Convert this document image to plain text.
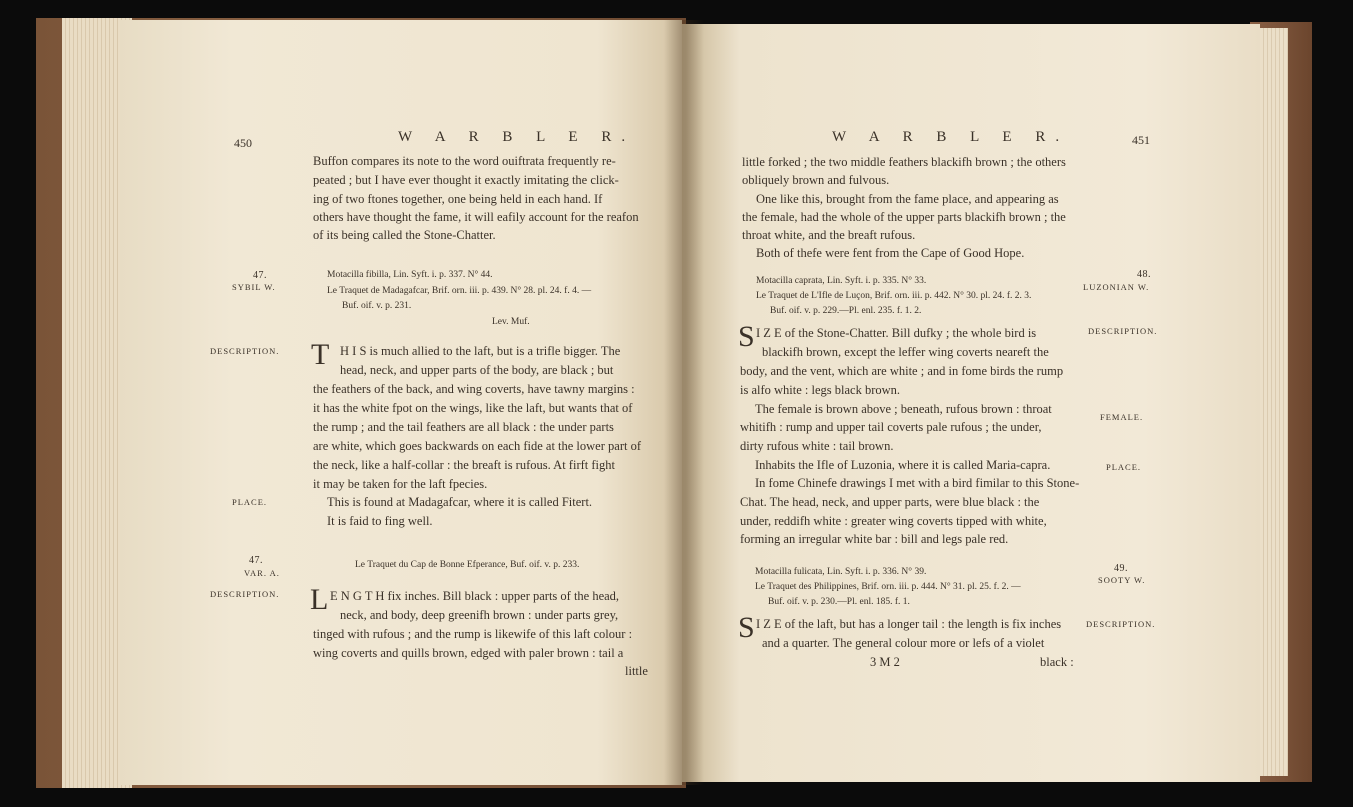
450	W A R B L E R.
Buffon compares its note to the word ouiftrata frequently re-
peated ; but I have ever thought it exactly imitating the click-
ing of two ftones together, one being held in each hand. If
others have thought the fame, it will eafily account for the reafon
of its being called the Stone-Chatter.
47.
SYBIL W.
Motacilla fibilla, Lin. Syft. i. p. 337. N° 44.
Le Traquet de Madagafcar, Brif. orn. iii. p. 439. N° 28. pl. 24. f. 4. —
Buf. oif. v. p. 231.
Lev. Muf.
DESCRIPTION. T H I S is much allied to the laft, but is a trifle bigger. The
head, neck, and upper parts of the body, are black ; but
the feathers of the back, and wing coverts, have tawny margins :
it has the white fpot on the wings, like the laft, but wants that of
the rump ; and the tail feathers are all black : the under parts
are white, which goes backwards on each fide at the lower part of
the neck, like a half-collar : the breaft is rufous. At firft fight
it may be taken for the laft fpecies.
PLACE.	This is found at Madagafcar, where it is called Fitert.
It is faid to fing well.
47.
VAR. A.
Le Traquet du Cap de Bonne Efperance, Buf. oif. v. p. 233.
DESCRIPTION. L E N G T H fix inches. Bill black : upper parts of the head,
neck, and body, deep greenifh brown : under parts grey,
tinged with rufous ; and the rump is likewife of this laft colour :
wing coverts and quills brown, edged with paler brown : tail a
little
W A R B L E R.	451
little forked ; the two middle feathers blackifh brown ; the others
obliquely brown and fulvous.
One like this, brought from the fame place, and appearing as
the female, had the whole of the upper parts blackifh brown ; the
throat white, and the breaft rufous.
Both of thefe were fent from the Cape of Good Hope.
48.
LUZONIAN W.
Motacilla caprata, Lin. Syft. i. p. 335. N° 33.
Le Traquet de L'Ifle de Luçon, Brif. orn. iii. p. 442. N° 30. pl. 24. f. 2. 3.
Buf. oif. v. p. 229.—Pl. enl. 235. f. 1. 2.
DESCRIPTION.
S I Z E of the Stone-Chatter. Bill dufky ; the whole bird is
blackifh brown, except the leffer wing coverts neareft the
body, and the vent, which are white ; and in fome birds the rump
is alfo white : legs black brown.
FEMALE.
The female is brown above ; beneath, rufous brown : throat
whitifh : rump and upper tail coverts pale rufous ; the under,
dirty rufous white : tail brown.
PLACE.
Inhabits the Ifle of Luzonia, where it is called Maria-capra.
In fome Chinefe drawings I met with a bird fimilar to this Stone-
Chat. The head, neck, and upper parts, were blue black : the
under, reddifh white : greater wing coverts tipped with white,
forming an irregular white bar : bill and legs pale red.
49.
SOOTY W.
Motacilla fulicata, Lin. Syft. i. p. 336. N° 39.
Le Traquet des Philippines, Brif. orn. iii. p. 444. N° 31. pl. 25. f. 2. —
Buf. oif. v. p. 230.—Pl. enl. 185. f. 1.
DESCRIPTION.
S I Z E of the laft, but has a longer tail : the length is fix inches
and a quarter. The general colour more or lefs of a violet
3 M 2	black :
